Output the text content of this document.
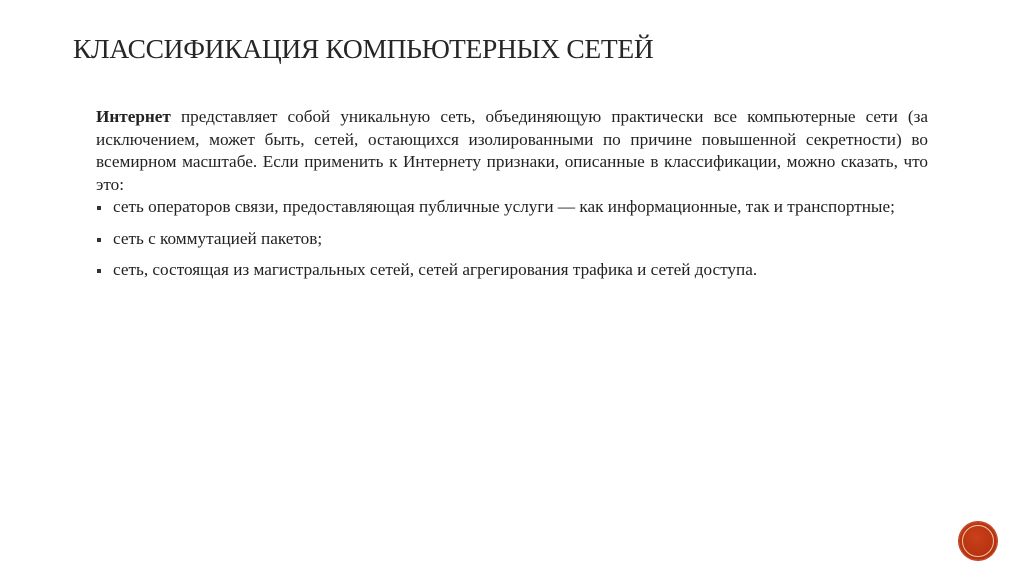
КЛАССИФИКАЦИЯ КОМПЬЮТЕРНЫХ СЕТЕЙ

Интернет представляет собой уникальную сеть, объединяющую практически все компьютерные сети (за исключением, может быть, сетей, остающихся изолированными по причине повышенной секретности) во всемирном масштабе. Если применить к Интернету признаки, описанные в классификации, можно сказать, что это:

сеть операторов связи, предоставляющая публичные услуги — как информационные, так и транспортные;
сеть с коммутацией пакетов;
сеть, состоящая из магистральных сетей, сетей агрегирования трафика и сетей доступа.
